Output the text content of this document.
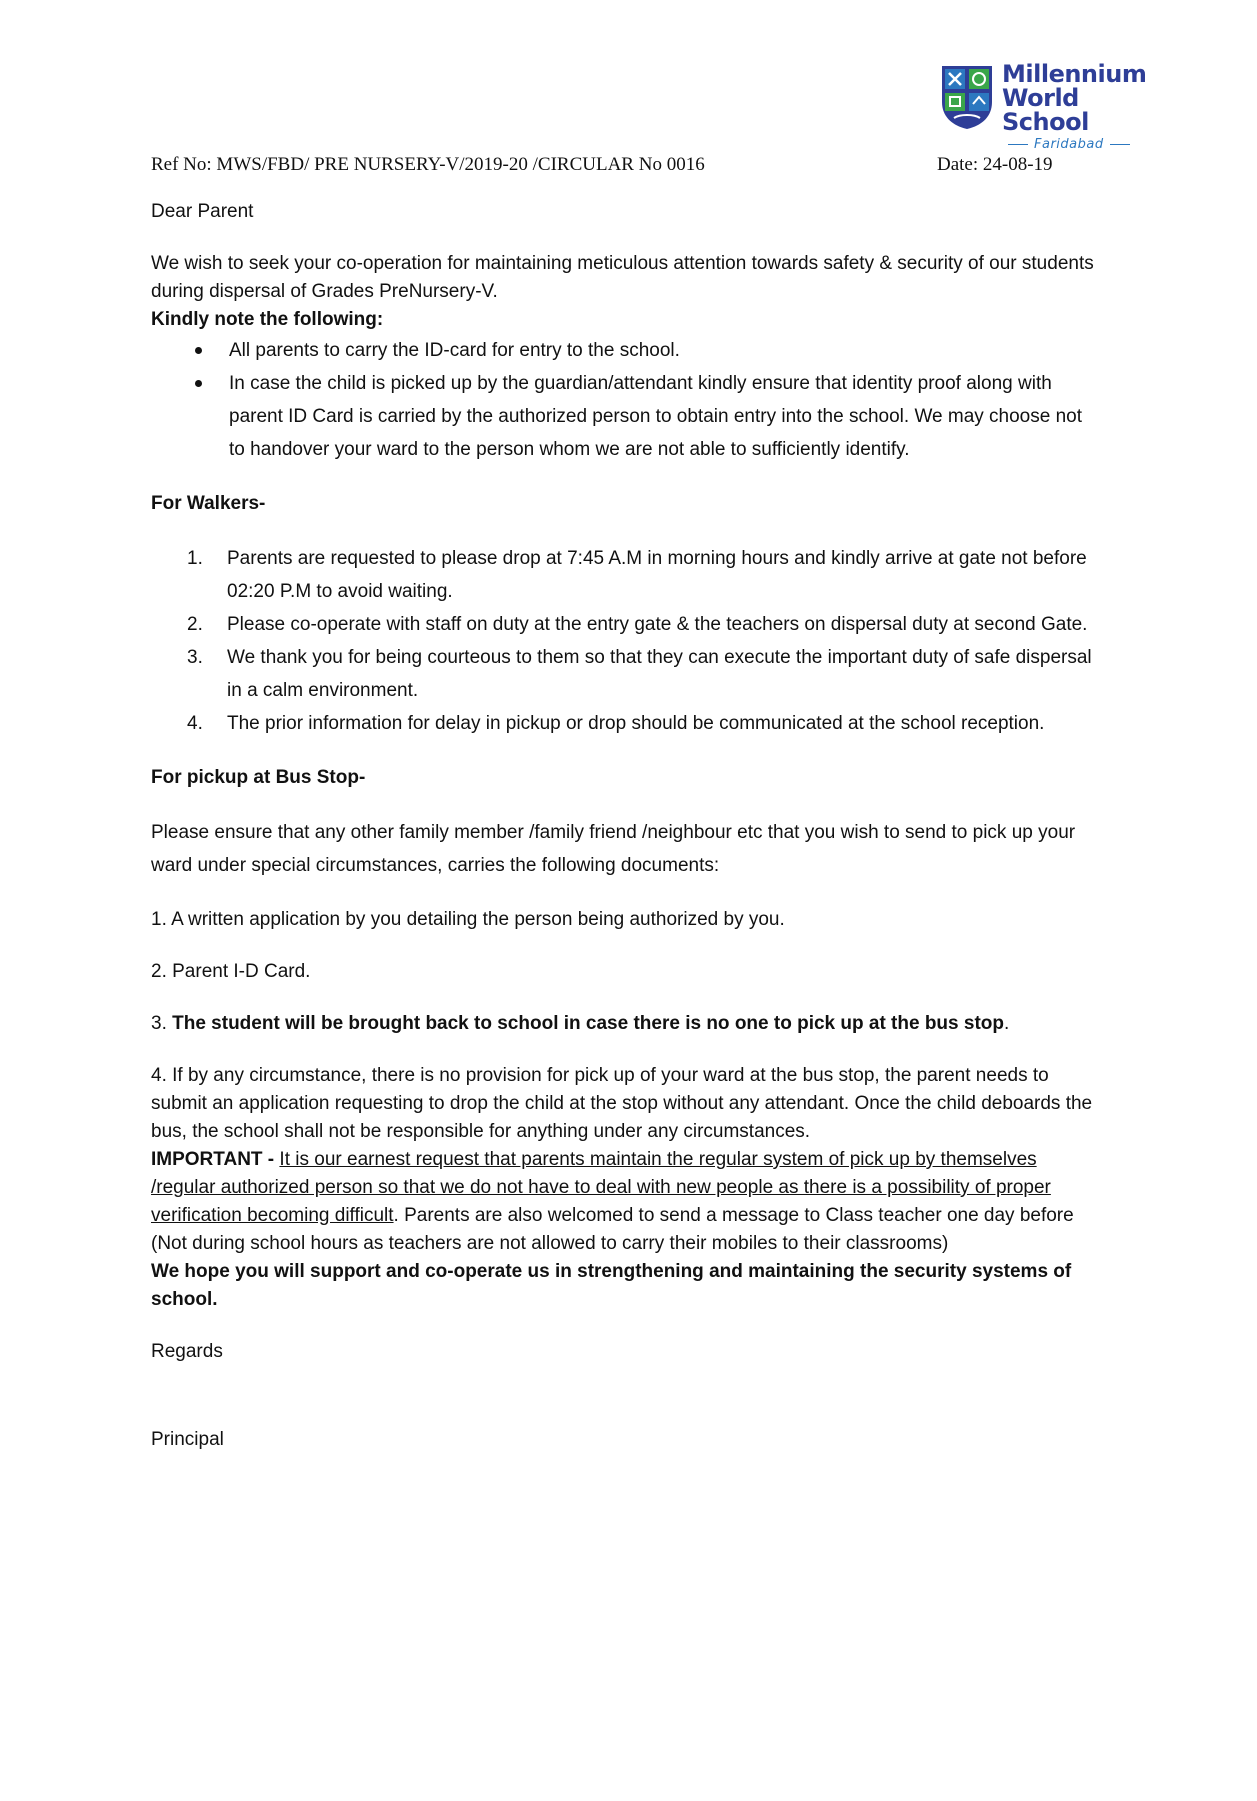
Millennium
World School
Faridabad
Ref No: MWS/FBD/ PRE NURSERY-V/2019-20 /CIRCULAR No 0016	Date: 24-08-19

Dear Parent

We wish to seek your co-operation for maintaining meticulous attention towards safety & security of our students during dispersal of Grades PreNursery-V.

Kindly note the following:

All parents to carry the ID-card for entry to the school.
In case the child is picked up by the guardian/attendant kindly ensure that identity proof along with parent ID Card is carried by the authorized person to obtain entry into the school. We may choose not to handover your ward to the person whom we are not able to sufficiently identify.

For Walkers-

1. Parents are requested to please drop at 7:45 A.M in morning hours and kindly arrive at gate not before 02:20 P.M to avoid waiting.
2. Please co-operate with staff on duty at the entry gate & the teachers on dispersal duty at second Gate.
3. We thank you for being courteous to them so that they can execute the important duty of safe dispersal in a calm environment.
4. The prior information for delay in pickup or drop should be communicated at the school reception.

For pickup at Bus Stop-

Please ensure that any other family member /family friend /neighbour etc that you wish to send to pick up your ward under special circumstances, carries the following documents:

1. A written application by you detailing the person being authorized by you.

2. Parent I-D Card.

3. The student will be brought back to school in case there is no one to pick up at the bus stop.

4. If by any circumstance, there is no provision for pick up of your ward at the bus stop, the parent needs to submit an application requesting to drop the child at the stop without any attendant. Once the child deboards the bus, the school shall not be responsible for anything under any circumstances.

IMPORTANT - It is our earnest request that parents maintain the regular system of pick up by themselves /regular authorized person so that we do not have to deal with new people as there is a possibility of proper verification becoming difficult. Parents are also welcomed to send a message to Class teacher one day before (Not during school hours as teachers are not allowed to carry their mobiles to their classrooms)

We hope you will support and co-operate us in strengthening and maintaining the security systems of school.

Regards

Principal
